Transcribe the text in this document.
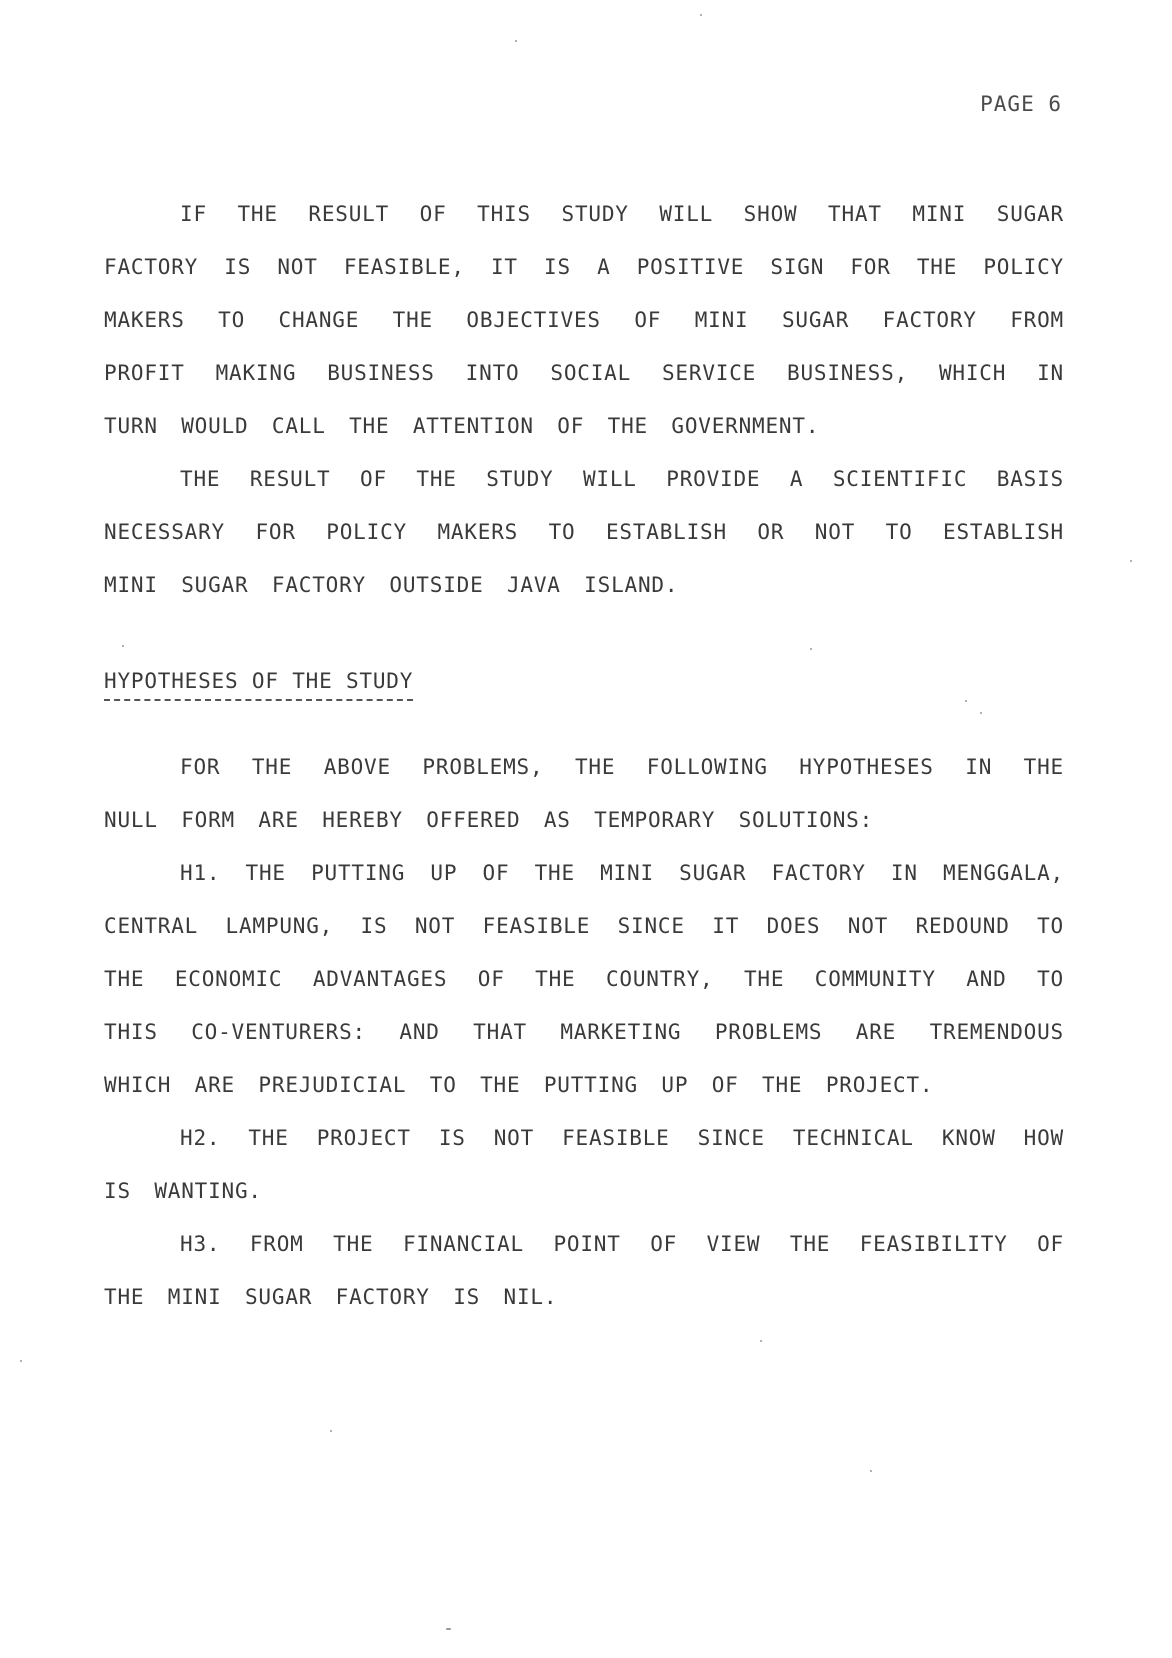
PAGE 6

IF THE RESULT OF THIS STUDY WILL SHOW THAT MINI SUGAR FACTORY IS NOT FEASIBLE, IT IS A POSITIVE SIGN FOR THE POLICY MAKERS TO CHANGE THE OBJECTIVES OF MINI SUGAR FACTORY FROM PROFIT MAKING BUSINESS INTO SOCIAL SERVICE BUSINESS, WHICH IN TURN WOULD CALL THE ATTENTION OF THE GOVERNMENT.

THE RESULT OF THE STUDY WILL PROVIDE A SCIENTIFIC BASIS NECESSARY FOR POLICY MAKERS TO ESTABLISH OR NOT TO ESTABLISH MINI SUGAR FACTORY OUTSIDE JAVA ISLAND.

HYPOTHESES OF THE STUDY

FOR THE ABOVE PROBLEMS, THE FOLLOWING HYPOTHESES IN THE NULL FORM ARE HEREBY OFFERED AS TEMPORARY SOLUTIONS:

H1. THE PUTTING UP OF THE MINI SUGAR FACTORY IN MENGGALA, CENTRAL LAMPUNG, IS NOT FEASIBLE SINCE IT DOES NOT REDOUND TO THE ECONOMIC ADVANTAGES OF THE COUNTRY, THE COMMUNITY AND TO THIS CO-VENTURERS: AND THAT MARKETING PROBLEMS ARE TREMENDOUS WHICH ARE PREJUDICIAL TO THE PUTTING UP OF THE PROJECT.

H2. THE PROJECT IS NOT FEASIBLE SINCE TECHNICAL KNOW HOW IS WANTING.

H3. FROM THE FINANCIAL POINT OF VIEW THE FEASIBILITY OF THE MINI SUGAR FACTORY IS NIL.
